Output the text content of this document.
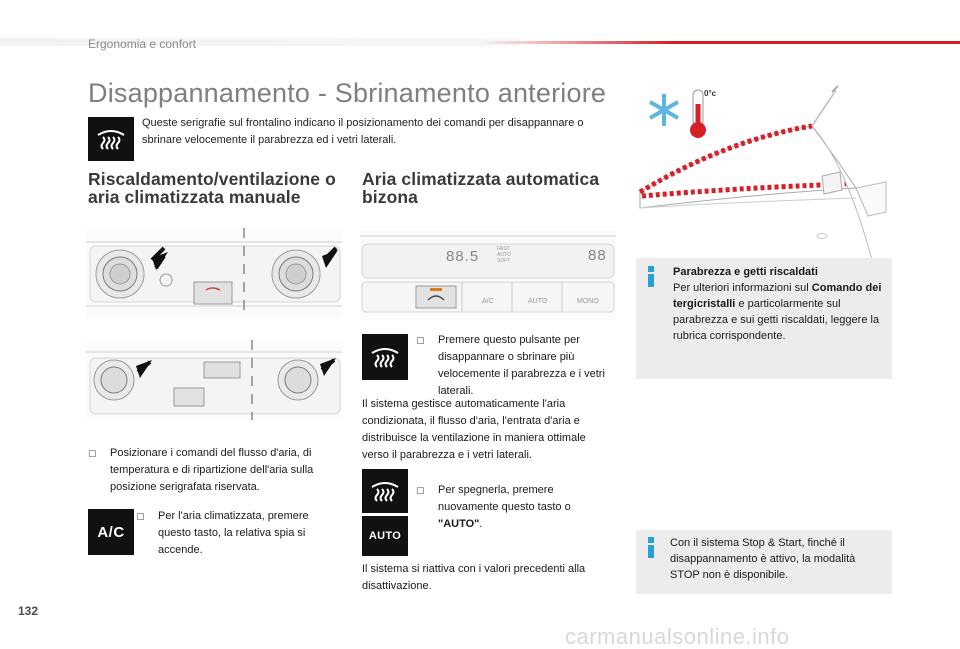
Ergonomia e confort
Disappannamento - Sbrinamento anteriore
Queste serigrafie sul frontalino indicano il posizionamento dei comandi per disappannare o sbrinare velocemente il parabrezza ed i vetri laterali.
Riscaldamento/ventilazione o aria climatizzata manuale
Aria climatizzata automatica bizona
▢	Posizionare i comandi del flusso d'aria, di temperatura e di ripartizione dell'aria sulla posizione serigrafata riservata.
A/C
▢	Per l'aria climatizzata, premere questo tasto, la relativa spia si accende.
88.5	FAST
AUTO
SOFT	88
A/C	AUTO	MONO
▢	Premere questo pulsante per disappannare o sbrinare più velocemente il parabrezza e i vetri laterali.
Il sistema gestisce automaticamente l'aria condizionata, il flusso d'aria, l'entrata d'aria e distribuisce la ventilazione in maniera ottimale verso il parabrezza e i vetri laterali.
AUTO
▢	Per spegnerla, premere nuovamente questo tasto o "AUTO".
Il sistema si riattiva con i valori precedenti alla disattivazione.
0°c
Parabrezza e getti riscaldati
Per ulteriori informazioni sul Comando dei tergicristalli e particolarmente sul parabrezza e sui getti riscaldati, leggere la rubrica corrispondente.
Con il sistema Stop & Start, finché il disappannamento è attivo, la modalità STOP non è disponibile.
132
carmanualsonline.info
